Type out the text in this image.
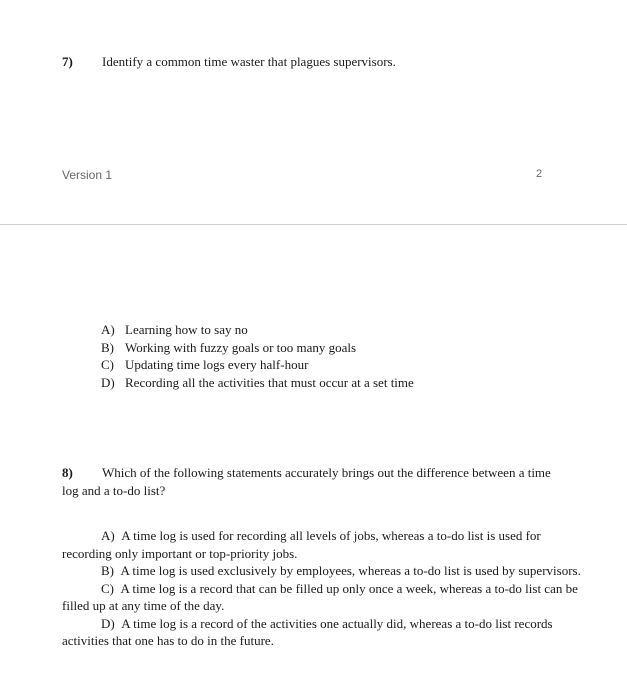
7) Identify a common time waster that plagues supervisors.
Version 1	2
A) Learning how to say no
B) Working with fuzzy goals or too many goals
C) Updating time logs every half-hour
D) Recording all the activities that must occur at a set time
8) Which of the following statements accurately brings out the difference between a time log and a to-do list?

A) A time log is used for recording all levels of jobs, whereas a to-do list is used for recording only important or top-priority jobs.

B) A time log is used exclusively by employees, whereas a to-do list is used by supervisors.

C) A time log is a record that can be filled up only once a week, whereas a to-do list can be filled up at any time of the day.

D) A time log is a record of the activities one actually did, whereas a to-do list records activities that one has to do in the future.
